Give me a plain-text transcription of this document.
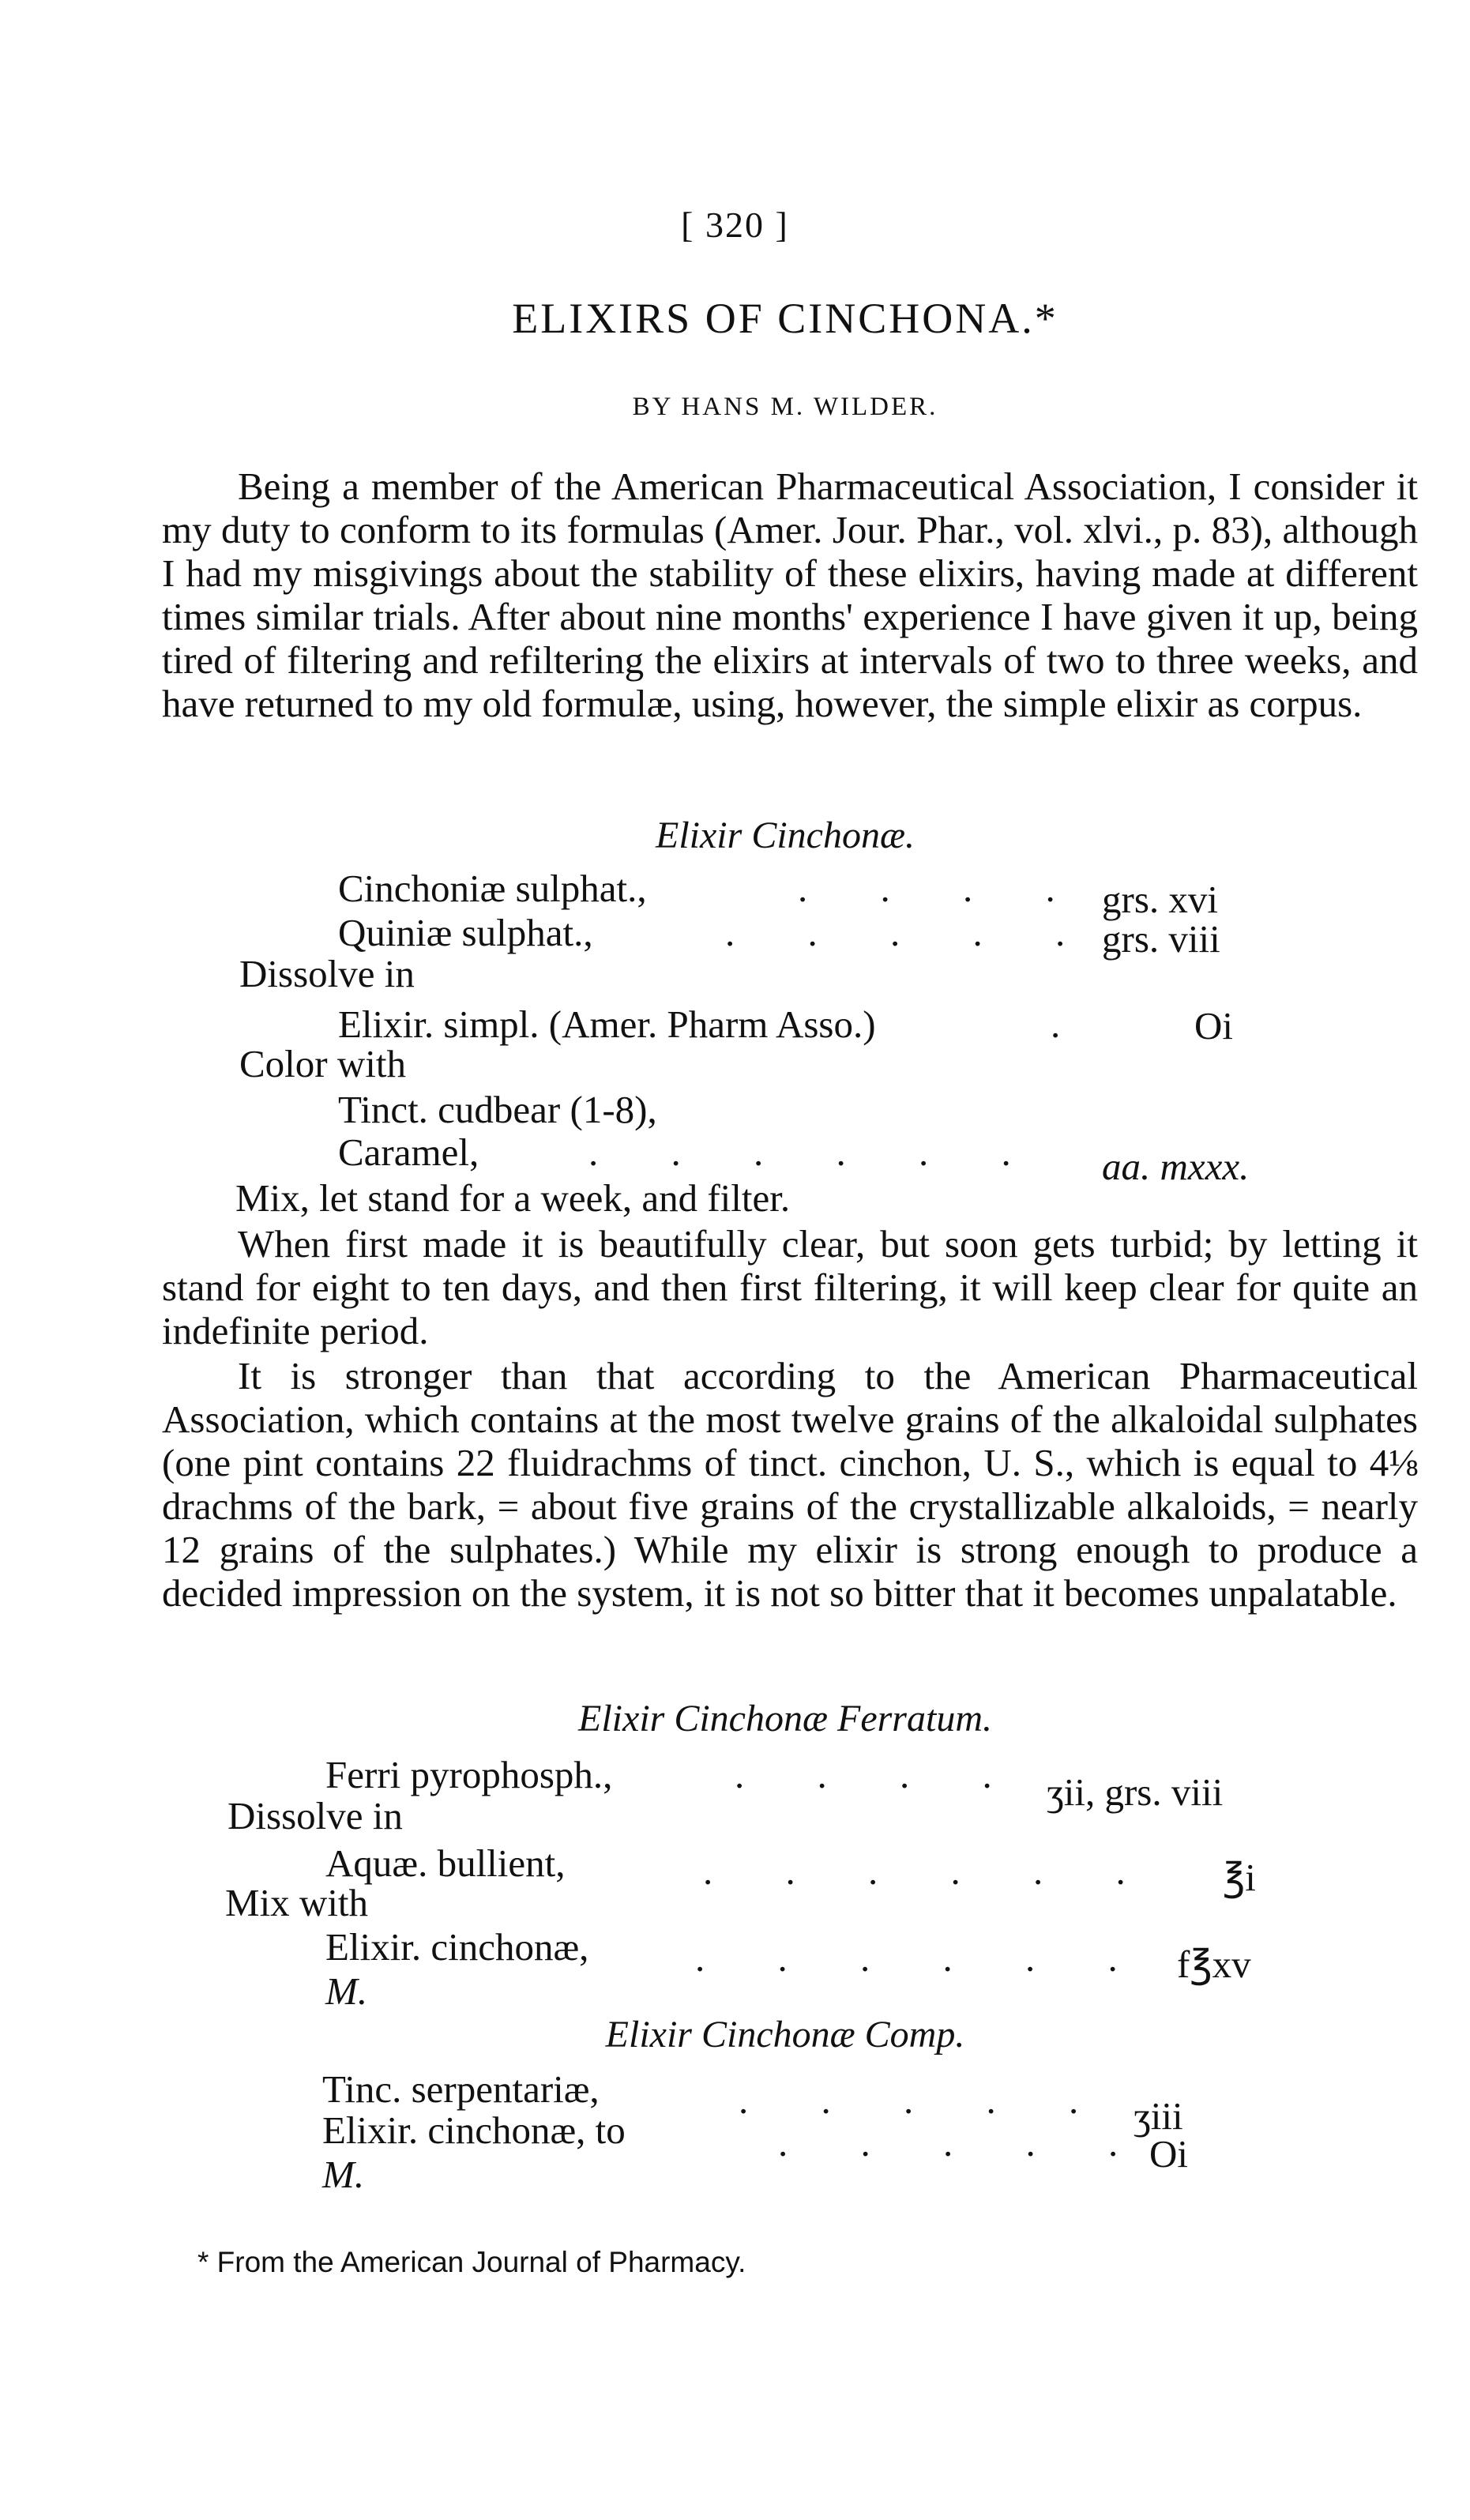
[ 320 ]
ELIXIRS OF CINCHONA.*
BY HANS M. WILDER.

Being a member of the American Pharmaceutical Association, I consider it my duty to conform to its formulas (Amer. Jour. Phar., vol. xlvi., p. 83), although I had my misgivings about the stability of these elixirs, having made at different times similar trials. After about nine months' experience I have given it up, being tired of filtering and refiltering the elixirs at intervals of two to three weeks, and have returned to my old formulæ, using, however, the simple elixir as corpus.

Elixir Cinchonæ.
Cinchoniæ sulphat.,	. . . . grs. xvi
Quiniæ sulphat.,	. . . . . grs. viii
Dissolve in
Elixir. simpl. (Amer. Pharm Asso.)	.	Oi
Color with
Tinct. cudbear (1-8),
Caramel,	. . . . . . aa. mxxx.
Mix, let stand for a week, and filter.

When first made it is beautifully clear, but soon gets turbid; by letting it stand for eight to ten days, and then first filtering, it will keep clear for quite an indefinite period.

It is stronger than that according to the American Pharmaceutical Association, which contains at the most twelve grains of the alkaloidal sulphates (one pint contains 22 fluidrachms of tinct. cinchon, U. S., which is equal to 4⅛ drachms of the bark, = about five grains of the crystallizable alkaloids, = nearly 12 grains of the sulphates.) While my elixir is strong enough to produce a decided impression on the system, it is not so bitter that it becomes unpalatable.

Elixir Cinchonæ Ferratum.
Ferri pyrophosph.,	. . . . ʒii, grs. viii
Dissolve in
Aquæ. bullient,	. . . . . . ℥i
Mix with
Elixir. cinchonæ,	. . . . . . f℥xv
M.
Elixir Cinchonæ Comp.
Tinc. serpentariæ,	. . . . . ʒiii
Elixir. cinchonæ, to	. . . . . Oi
M.
* From the American Journal of Pharmacy.
